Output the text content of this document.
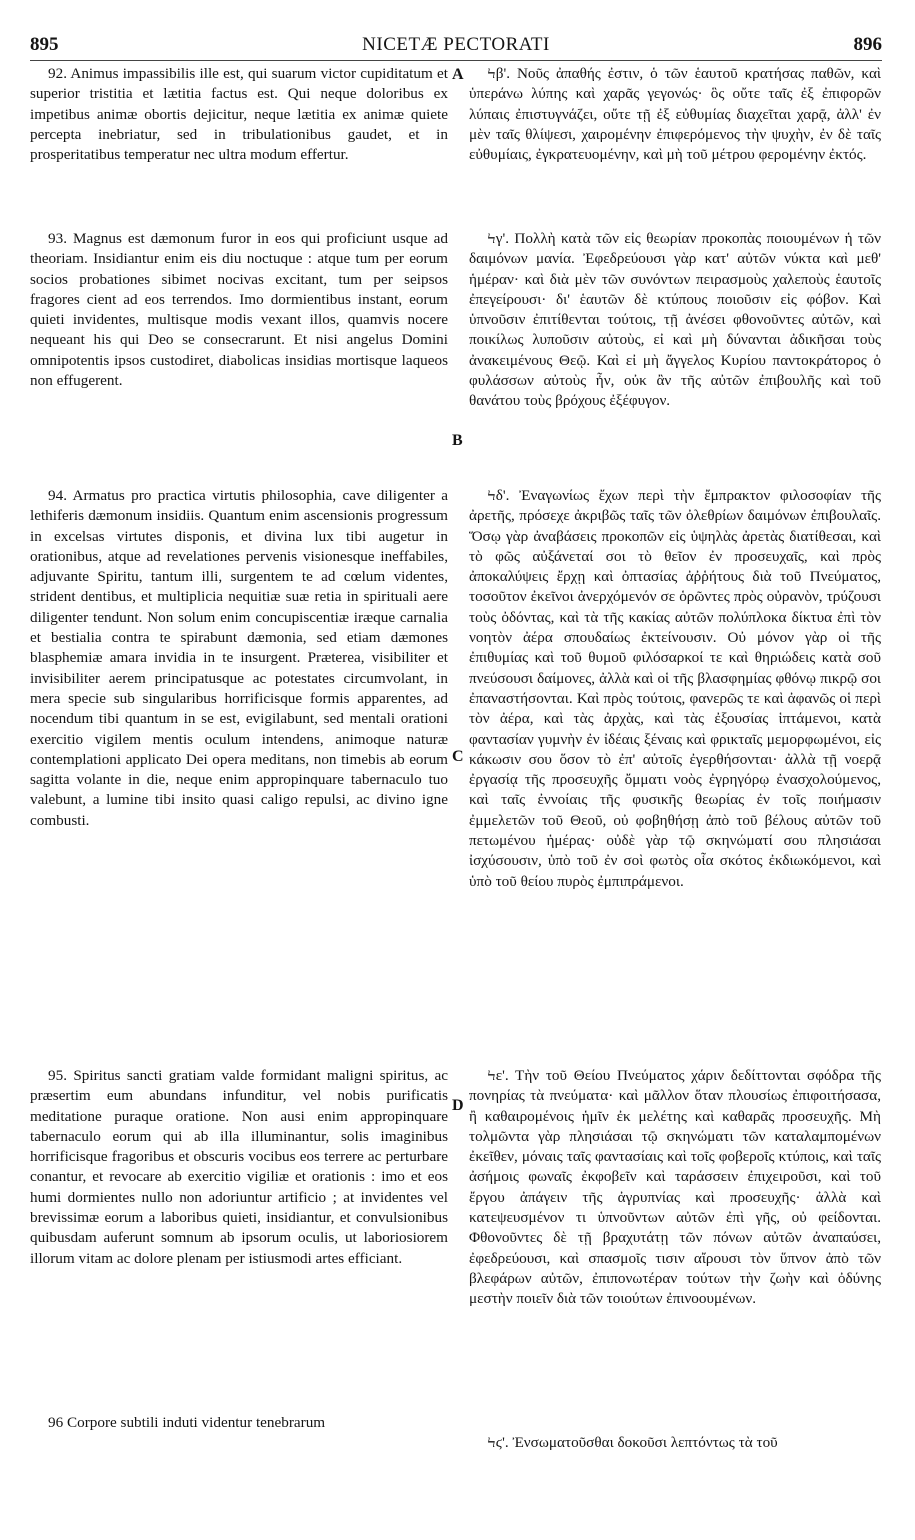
895	NICETÆ PECTORATI	896

92. Animus impassibilis ille est, qui suarum victor cupiditatum et superior tristitia et lætitia factus est. Qui neque doloribus ex impetibus animæ obortis dejicitur, neque lætitia ex animæ quiete percepta inebriatur, sed in tribulationibus gaudet, et in prosperitatibus temperatur nec ultra modum effertur.

93. Magnus est dæmonum furor in eos qui proficiunt usque ad theoriam. Insidiantur enim eis diu noctuque : atque tum per eorum socios probationes sibimet nocivas excitant, tum per seipsos fragores cient ad eos terrendos. Imo dormientibus instant, eorum quieti invidentes, multisque modis vexant illos, quamvis nocere nequeant his qui Deo se consecrarunt. Et nisi angelus Domini omnipotentis ipsos custodiret, diabolicas insidias mortisque laqueos non effugerent.

94. Armatus pro practica virtutis philosophia, cave diligenter a lethiferis dæmonum insidiis. Quantum enim ascensionis progressum in excelsas virtutes disponis, et divina lux tibi augetur in orationibus, atque ad revelationes pervenis visionesque ineffabiles, adjuvante Spiritu, tantum illi, surgentem te ad cœlum videntes, strident dentibus, et multiplicia nequitiæ suæ retia in spirituali aere diligenter tendunt. Non solum enim concupiscentiæ iræque carnalia et bestialia contra te spirabunt dæmonia, sed etiam dæmones blasphemiæ amara invidia in te insurgent. Præterea, visibiliter et invisibiliter aerem principatusque ac potestates circumvolant, in mera specie sub singularibus horrificisque formis apparentes, ad nocendum tibi quantum in se est, evigilabunt, sed mentali orationi exercitio vigilem mentis oculum intendens, animoque naturæ contemplationi applicato Dei opera meditans, non timebis ab eorum sagitta volante in die, neque enim appropinquare tabernaculo tuo valebunt, a lumine tibi insito quasi caligo repulsi, ac divino igne combusti.

95. Spiritus sancti gratiam valde formidant maligni spiritus, ac præsertim eum abundans infunditur, vel nobis purificatis meditatione puraque oratione. Non ausi enim appropinquare tabernaculo eorum qui ab illa illuminantur, solis imaginibus horrificisque fragoribus et obscuris vocibus eos terrere ac perturbare conantur, et revocare ab exercitio vigiliæ et orationis : imo et eos humi dormientes nullo non adoriuntur artificio ; at invidentes vel brevissimæ eorum a laboribus quieti, insidiantur, et convulsionibus quibusdam auferunt somnum ab ipsorum oculis, ut laboriosiorem illorum vitam ac dolore plenam per istiusmodi artes efficiant.

96 Corpore subtili induti videntur tenebrarum

A
B
C
D

Ϟβ'. Νοῦς ἀπαθής ἐστιν, ὁ τῶν ἑαυτοῦ κρατήσας παθῶν, καὶ ὑπεράνω λύπης καὶ χαρᾶς γεγονώς· ὃς οὔτε ταῖς ἐξ ἐπιφορῶν λύπαις ἐπιστυγνάζει, οὔτε τῇ ἐξ εὐθυμίας διαχεῖται χαρᾷ, ἀλλ' ἐν μὲν ταῖς θλίψεσι, χαιρομένην ἐπιφερόμενος τὴν ψυχὴν, ἐν δὲ ταῖς εὐθυμίαις, ἐγκρατευομένην, καὶ μὴ τοῦ μέτρου φερομένην ἐκτός.

Ϟγ'. Πολλὴ κατὰ τῶν εἰς θεωρίαν προκοπὰς ποιουμένων ἡ τῶν δαιμόνων μανία. Ἐφεδρεύουσι γὰρ κατ' αὐτῶν νύκτα καὶ μεθ' ἡμέραν· καὶ διὰ μὲν τῶν συνόντων πειρασμοὺς χαλεποὺς ἑαυτοῖς ἐπεγείρουσι· δι' ἑαυτῶν δὲ κτύπους ποιοῦσιν εἰς φόβον. Καὶ ὑπνοῦσιν ἐπιτίθενται τούτοις, τῇ ἀνέσει φθονοῦντες αὐτῶν, καὶ ποικίλως λυποῦσιν αὐτοὺς, εἰ καὶ μὴ δύνανται ἀδικῆσαι τοὺς ἀνακειμένους Θεῷ. Καὶ εἰ μὴ ἄγγελος Κυρίου παντοκράτορος ὁ φυλάσσων αὐτοὺς ἦν, οὐκ ἂν τῆς αὐτῶν ἐπιβουλῆς καὶ τοῦ θανάτου τοὺς βρόχους ἐξέφυγον.

Ϟδ'. Ἐναγωνίως ἔχων περὶ τὴν ἔμπρακτον φιλοσοφίαν τῆς ἀρετῆς, πρόσεχε ἀκριβῶς ταῖς τῶν ὀλεθρίων δαιμόνων ἐπιβουλαῖς. Ὅσῳ γὰρ ἀναβάσεις προκοπῶν εἰς ὑψηλὰς ἀρετὰς διατίθεσαι, καὶ τὸ φῶς αὐξάνεταί σοι τὸ θεῖον ἐν προσευχαῖς, καὶ πρὸς ἀποκαλύψεις ἔρχῃ καὶ ὀπτασίας ἀῤῥήτους διὰ τοῦ Πνεύματος, τοσοῦτον ἐκεῖνοι ἀνερχόμενόν σε ὁρῶντες πρὸς οὐρανὸν, τρύζουσι τοὺς ὀδόντας, καὶ τὰ τῆς κακίας αὐτῶν πολύπλοκα δίκτυα ἐπὶ τὸν νοητὸν ἀέρα σπουδαίως ἐκτείνουσιν. Οὐ μόνον γὰρ οἱ τῆς ἐπιθυμίας καὶ τοῦ θυμοῦ φιλόσαρκοί τε καὶ θηριώδεις κατὰ σοῦ πνεύσουσι δαίμονες, ἀλλὰ καὶ οἱ τῆς βλασφημίας φθόνῳ πικρῷ σοι ἐπαναστήσονται. Καὶ πρὸς τούτοις, φανερῶς τε καὶ ἀφανῶς οἱ περὶ τὸν ἀέρα, καὶ τὰς ἀρχὰς, καὶ τὰς ἐξουσίας ἱπτάμενοι, κατὰ φαντασίαν γυμνὴν ἐν ἰδέαις ξέναις καὶ φρικταῖς μεμορφωμένοι, εἰς κάκωσιν σου ὅσον τὸ ἐπ' αὐτοῖς ἐγερθήσονται· ἀλλὰ τῇ νοερᾷ ἐργασίᾳ τῆς προσευχῆς ὄμματι νοὸς ἐγρηγόρῳ ἐνασχολούμενος, καὶ ταῖς ἐννοίαις τῆς φυσικῆς θεωρίας ἐν τοῖς ποιήμασιν ἐμμελετῶν τοῦ Θεοῦ, οὐ φοβηθήσῃ ἀπὸ τοῦ βέλους αὐτῶν τοῦ πετωμένου ἡμέρας· οὐδὲ γὰρ τῷ σκηνώματί σου πλησιάσαι ἰσχύσουσιν, ὑπὸ τοῦ ἐν σοὶ φωτὸς οἷα σκότος ἐκδιωκόμενοι, καὶ ὑπὸ τοῦ θείου πυρὸς ἐμπιπράμενοι.

Ϟε'. Τὴν τοῦ Θείου Πνεύματος χάριν δεδίττονται σφόδρα τῆς πονηρίας τὰ πνεύματα· καὶ μᾶλλον ὅταν πλουσίως ἐπιφοιτήσασα, ἢ καθαιρομένοις ἡμῖν ἐκ μελέτης καὶ καθαρᾶς προσευχῆς. Μὴ τολμῶντα γὰρ πλησιάσαι τῷ σκηνώματι τῶν καταλαμπομένων ἐκεῖθεν, μόναις ταῖς φαντασίαις καὶ τοῖς φοβεροῖς κτύποις, καὶ ταῖς ἀσήμοις φωναῖς ἐκφοβεῖν καὶ ταράσσειν ἐπιχειροῦσι, καὶ τοῦ ἔργου ἀπάγειν τῆς ἀγρυπνίας καὶ προσευχῆς· ἀλλὰ καὶ κατεψευσμένον τι ὑπνοῦντων αὐτῶν ἐπὶ γῆς, οὐ φείδονται. Φθονοῦντες δὲ τῇ βραχυτάτῃ τῶν πόνων αὐτῶν ἀναπαύσει, ἐφεδρεύουσι, καὶ σπασμοῖς τισιν αἴρουσι τὸν ὕπνον ἀπὸ τῶν βλεφάρων αὐτῶν, ἐπιπονωτέραν τούτων τὴν ζωὴν καὶ ὀδύνης μεστὴν ποιεῖν διὰ τῶν τοιούτων ἐπινοουμένων.

Ϟϛ'. Ἐνσωματοῦσθαι δοκοῦσι λεπτόντως τὰ τοῦ
